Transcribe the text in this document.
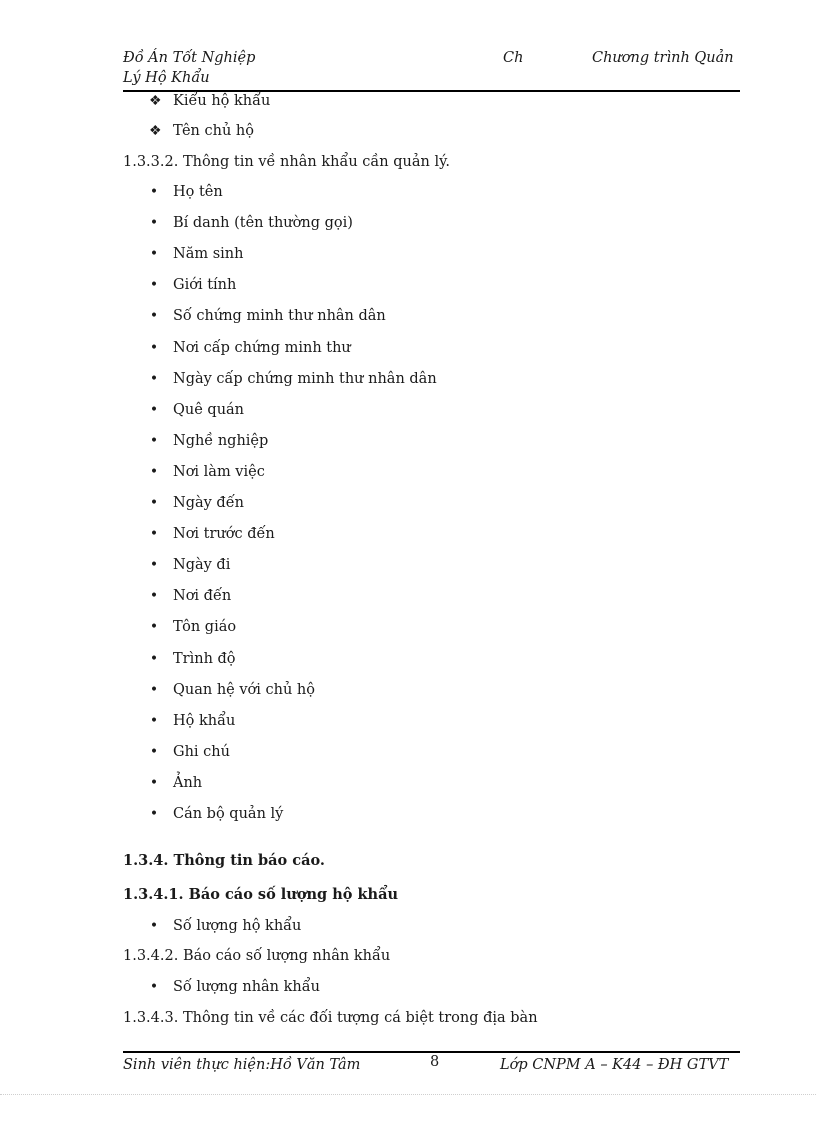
Đồ Án Tốt Nghiệp	Ch	Chương trình Quản
Lý Hộ Khẩu
❖ Kiểu hộ khẩu
❖ Tên chủ hộ
1.3.3.2. Thông tin về nhân khẩu cần quản lý.
• Họ tên
• Bí danh (tên thường gọi)
• Năm sinh
• Giới tính
• Số chứng minh thư nhân dân
• Nơi cấp chứng minh thư
• Ngày cấp chứng minh thư nhân dân
• Quê quán
• Nghề nghiệp
• Nơi làm việc
• Ngày đến
• Nơi trước đến
• Ngày đi
• Nơi đến
• Tôn giáo
• Trình độ
• Quan hệ với chủ hộ
• Hộ khẩu
• Ghi chú
• Ảnh
• Cán bộ quản lý
1.3.4. Thông tin báo cáo.
1.3.4.1. Báo cáo số lượng hộ khẩu
• Số lượng hộ khẩu
1.3.4.2. Báo cáo số lượng nhân khẩu
• Số lượng nhân khẩu
1.3.4.3. Thông tin về các đối tượng cá biệt trong địa bàn
Sinh viên thực hiện:Hồ Văn Tâm	8	Lớp CNPM A – K44 – ĐH GTVT
